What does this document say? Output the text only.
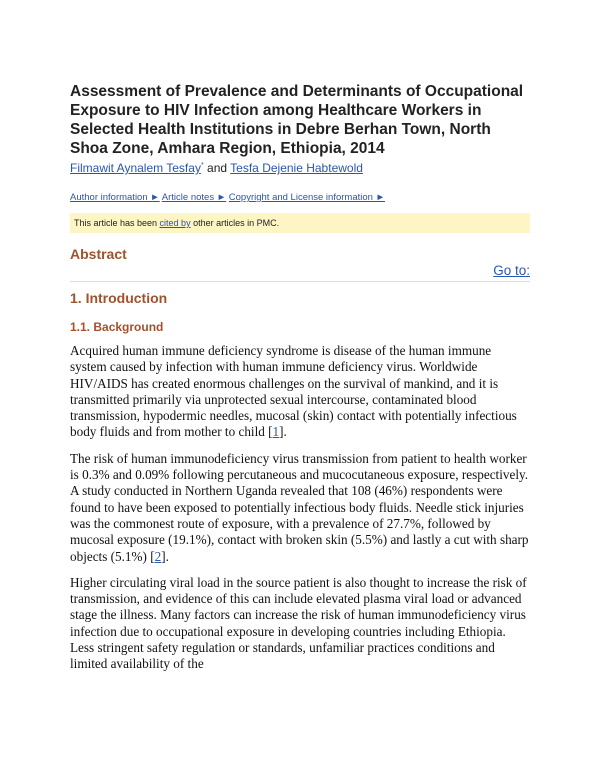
Assessment of Prevalence and Determinants of Occupational Exposure to HIV Infection among Healthcare Workers in Selected Health Institutions in Debre Berhan Town, North Shoa Zone, Amhara Region, Ethiopia, 2014
Filmawit Aynalem Tesfay* and Tesfa Dejenie Habtewold
Author information ► Article notes ► Copyright and License information ►
This article has been cited by other articles in PMC.
Abstract
Go to:
1. Introduction
1.1. Background

Acquired human immune deficiency syndrome is disease of the human immune system caused by infection with human immune deficiency virus. Worldwide HIV/AIDS has created enormous challenges on the survival of mankind, and it is transmitted primarily via unprotected sexual intercourse, contaminated blood transmission, hypodermic needles, mucosal (skin) contact with potentially infectious body fluids and from mother to child [1].

The risk of human immunodeficiency virus transmission from patient to health worker is 0.3% and 0.09% following percutaneous and mucocutaneous exposure, respectively. A study conducted in Northern Uganda revealed that 108 (46%) respondents were found to have been exposed to potentially infectious body fluids. Needle stick injuries was the commonest route of exposure, with a prevalence of 27.7%, followed by mucosal exposure (19.1%), contact with broken skin (5.5%) and lastly a cut with sharp objects (5.1%) [2].

Higher circulating viral load in the source patient is also thought to increase the risk of transmission, and evidence of this can include elevated plasma viral load or advanced stage the illness. Many factors can increase the risk of human immunodeficiency virus infection due to occupational exposure in developing countries including Ethiopia. Less stringent safety regulation or standards, unfamiliar practices conditions and limited availability of the
